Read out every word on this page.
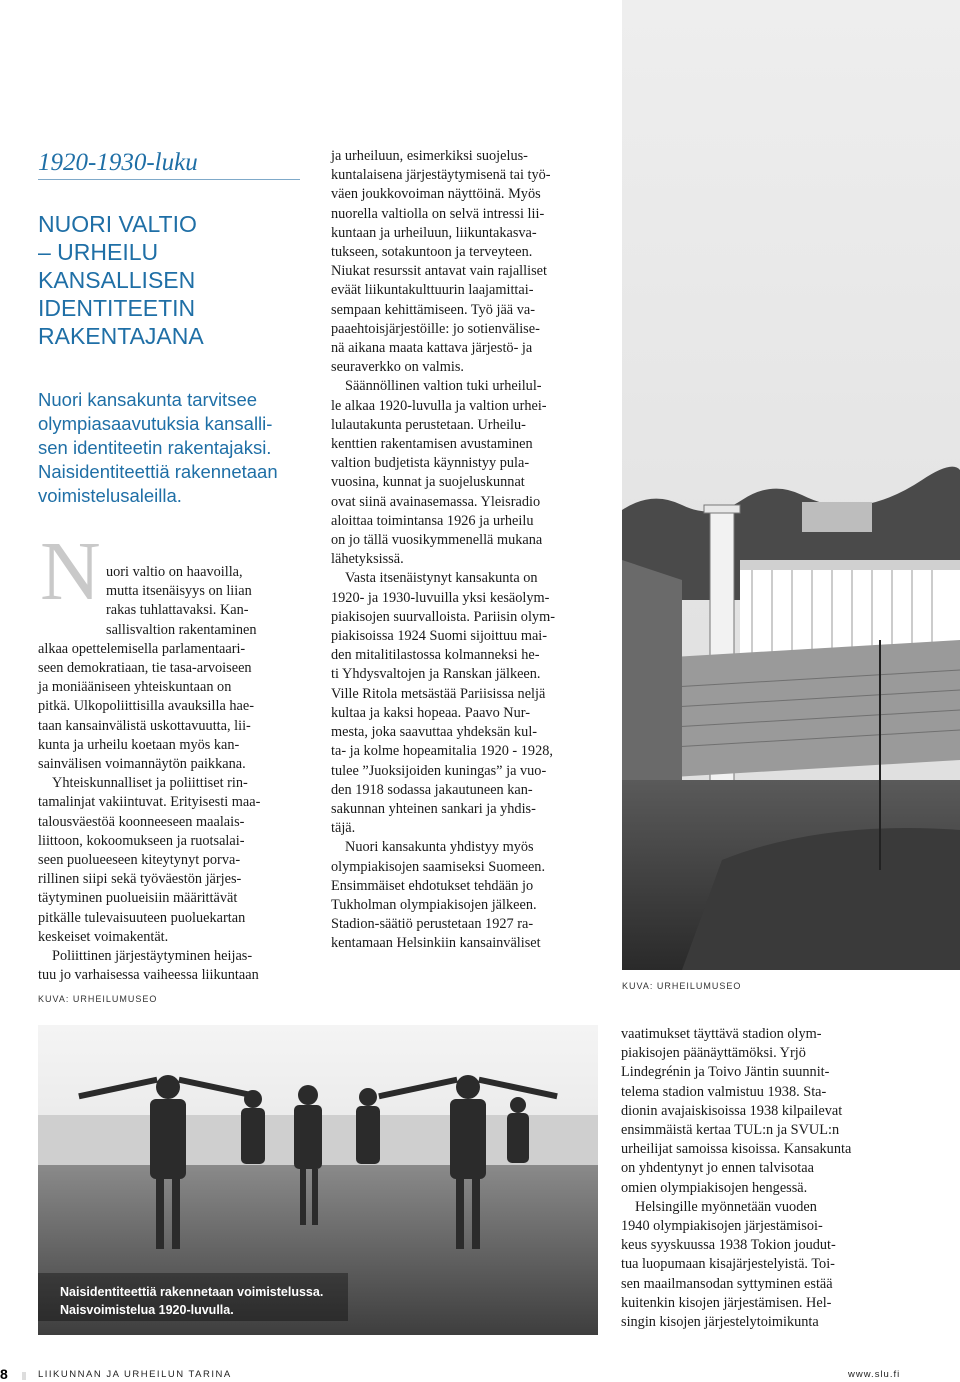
1920-1930-luku
NUORI VALTIO
– URHEILU
KANSALLISEN
IDENTITEETIN
RAKENTAJANA
Nuori kansakunta tarvitsee
olympiasaavutuksia kansalli-
sen identiteetin rakentajaksi.
Naisidentiteettiä rakennetaan
voimistelusaleilla.
N uori valtio on haavoilla,
mutta itsenäisyys on liian
rakas tuhlattavaksi. Kan-
sallisvaltion rakentaminen
alkaa opettelemisella parlamentaari-
seen demokratiaan, tie tasa-arvoiseen
ja moniääniseen yhteiskuntaan on
pitkä. Ulkopoliittisilla avauksilla hae-
taan kansainvälistä uskottavuutta, lii-
kunta ja urheilu koetaan myös kan-
sainvälisen voimannäytön paikkana.
Yhteiskunnalliset ja poliittiset rin-
tamalinjat vakiintuvat. Erityisesti maa-
talousväestöä koonneeseen maalais-
liittoon, kokoomukseen ja ruotsalai-
seen puolueeseen kiteytynyt porva-
rillinen siipi sekä työväestön järjes-
täytyminen puolueisiin määrittävät
pitkälle tulevaisuuteen puoluekartan
keskeiset voimakentät.
Poliittinen järjestäytyminen heijas-
tuu jo varhaisessa vaiheessa liikuntaan
ja urheiluun, esimerkiksi suojelus-
kuntalaisena järjestäytymisenä tai työ-
väen joukkovoiman näyttöinä. Myös
nuorella valtiolla on selvä intressi lii-
kuntaan ja urheiluun, liikuntakasva-
tukseen, sotakuntoon ja terveyteen.
Niukat resurssit antavat vain rajalliset
eväät liikuntakulttuurin laajamittai-
sempaan kehittämiseen. Työ jää va-
paaehtoisjärjestöille: jo sotienvälise-
nä aikana maata kattava järjestö- ja
seuraverkko on valmis.
Säännöllinen valtion tuki urheilul-
le alkaa 1920-luvulla ja valtion urhei-
lulautakunta perustetaan. Urheilu-
kenttien rakentamisen avustaminen
valtion budjetista käynnistyy pula-
vuosina, kunnat ja suojeluskunnat
ovat siinä avainasemassa. Yleisradio
aloittaa toimintansa 1926 ja urheilu
on jo tällä vuosikymmenellä mukana
lähetyksissä.
Vasta itsenäistynyt kansakunta on
1920- ja 1930-luvuilla yksi kesäolym-
piakisojen suurvalloista. Pariisin olym-
piakisoissa 1924 Suomi sijoittuu mai-
den mitalitilastossa kolmanneksi he-
ti Yhdysvaltojen ja Ranskan jälkeen.
Ville Ritola metsästää Pariisissa neljä
kultaa ja kaksi hopeaa. Paavo Nur-
mesta, joka saavuttaa yhdeksän kul-
ta- ja kolme hopeamitalia 1920 - 1928,
tulee ”Juoksijoiden kuningas” ja vuo-
den 1918 sodassa jakautuneen kan-
sakunnan yhteinen sankari ja yhdis-
täjä.
Nuori kansakunta yhdistyy myös
olympiakisojen saamiseksi Suomeen.
Ensimmäiset ehdotukset tehdään jo
Tukholman olympiakisojen jälkeen.
Stadion-säätiö perustetaan 1927 ra-
kentamaan Helsinkiin kansainväliset
vaatimukset täyttävä stadion olym-
piakisojen päänäyttämöksi. Yrjö
Lindegrénin ja Toivo Jäntin suunnit-
telema stadion valmistuu 1938. Sta-
dionin avajaiskisoissa 1938 kilpailevat
ensimmäistä kertaa TUL:n ja SVUL:n
urheilijat samoissa kisoissa. Kansakunta
on yhdentynyt jo ennen talvisotaa
omien olympiakisojen hengessä.
Helsingille myönnetään vuoden
1940 olympiakisojen järjestämisoi-
keus syyskuussa 1938 Tokion joudut-
tua luopumaan kisajärjestelyistä. Toi-
sen maailmansodan syttyminen estää
kuitenkin kisojen järjestämisen. Hel-
singin kisojen järjestelytoimikunta
KUVA: URHEILUMUSEO
KUVA: URHEILUMUSEO
Naisidentiteettiä rakennetaan voimistelussa.
Naisvoimistelua 1920-luvulla.
8	LIIKUNNAN JA URHEILUN TARINA	www.slu.fi
